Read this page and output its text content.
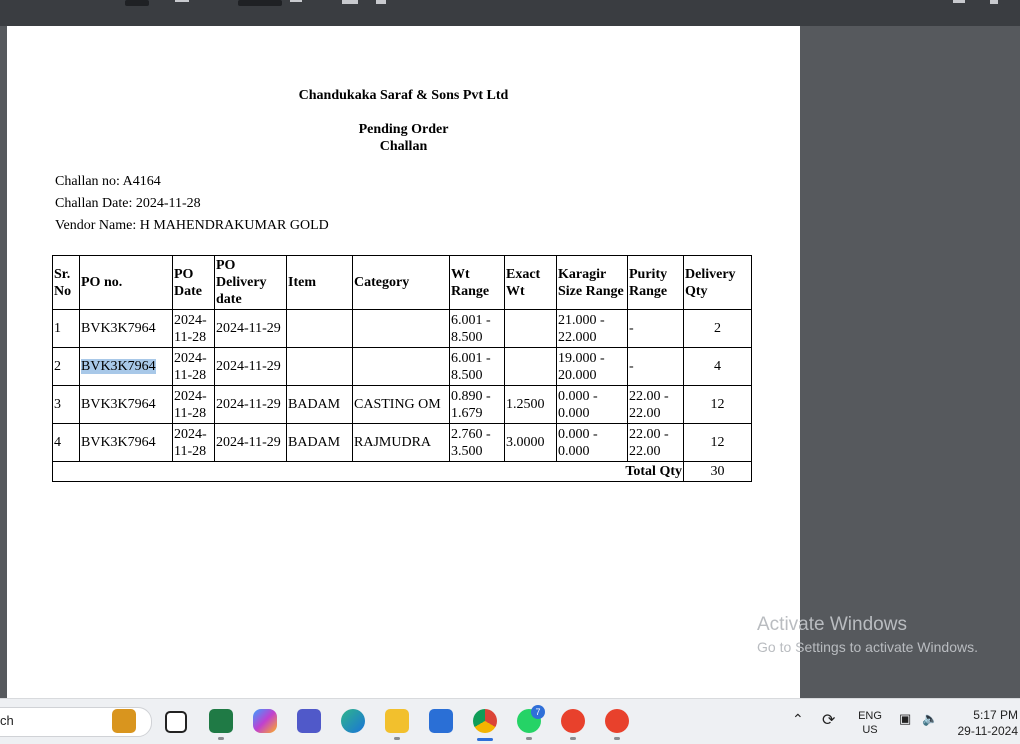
Chandukaka Saraf & Sons Pvt Ltd
Pending Order
Challan
Challan no: A4164
Challan Date: 2024-11-28
Vendor Name: H MAHENDRAKUMAR GOLD
Sr. No	PO no.	PO Date	PO Delivery date	Item	Category	Wt Range	Exact Wt	Karagir Size Range	Purity Range	Delivery Qty
1	BVK3K7964	2024-11-28	2024-11-29			6.001 - 8.500		21.000 - 22.000	-	2
2	BVK3K7964	2024-11-28	2024-11-29			6.001 - 8.500		19.000 - 20.000	-	4
3	BVK3K7964	2024-11-28	2024-11-29	BADAM	CASTING OM	0.890 - 1.679	1.2500	0.000 - 0.000	22.00 - 22.00	12
4	BVK3K7964	2024-11-28	2024-11-29	BADAM	RAJMUDRA	2.760 - 3.500	3.0000	0.000 - 0.000	22.00 - 22.00	12
Total Qty										30
Activate Windows
Go to Settings to activate Windows.
ch
7	⌃ ⟳	ENG
US
▣ 🔈	5:17 PM
29-11-2024
